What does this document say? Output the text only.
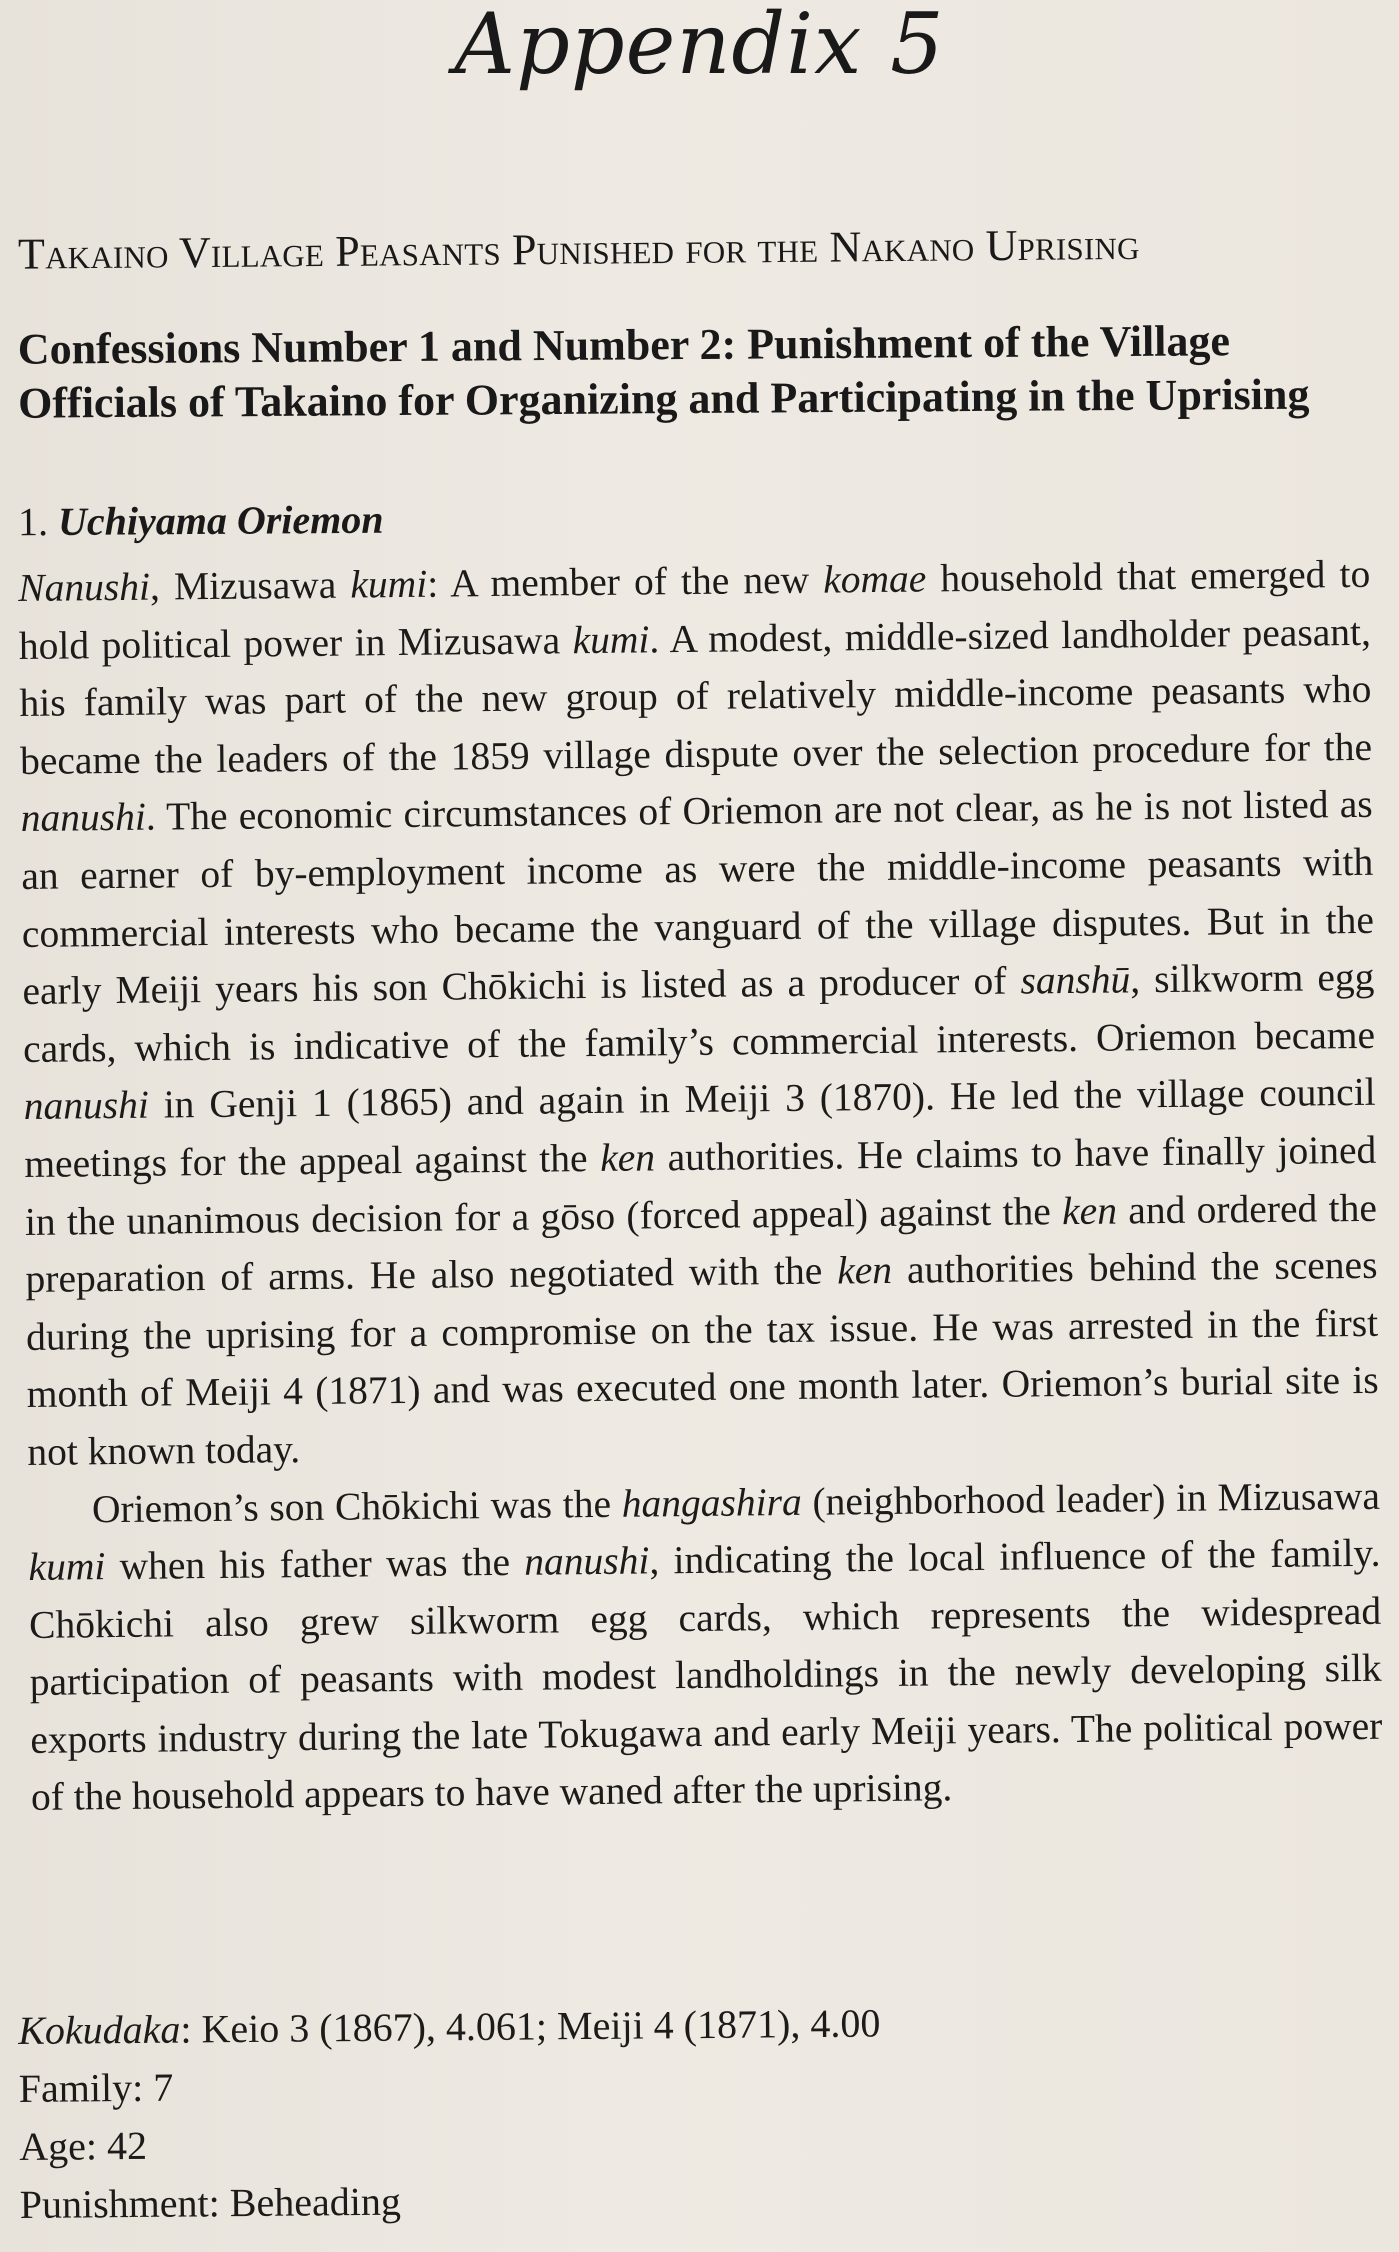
Appendix 5
Takaino Village Peasants Punished for the Nakano Uprising
Confessions Number 1 and Number 2: Punishment of the Village
Officials of Takaino for Organizing and Participating in the Uprising
1. Uchiyama Oriemon

Nanushi, Mizusawa kumi: A member of the new komae household that emerged to hold political power in Mizusawa kumi. A modest, middle-sized landholder peasant, his family was part of the new group of relatively middle-income peasants who became the leaders of the 1859 village dispute over the selection procedure for the nanushi. The economic circumstances of Oriemon are not clear, as he is not listed as an earner of by-employment income as were the middle-income peasants with commercial interests who became the vanguard of the village disputes. But in the early Meiji years his son Chōkichi is listed as a producer of sanshū, silkworm egg cards, which is indicative of the family’s commercial interests. Oriemon became nanushi in Genji 1 (1865) and again in Meiji 3 (1870). He led the village council meetings for the appeal against the ken authorities. He claims to have finally joined in the unanimous decision for a gōso (forced appeal) against the ken and ordered the preparation of arms. He also negotiated with the ken authorities behind the scenes during the uprising for a compromise on the tax issue. He was arrested in the first month of Meiji 4 (1871) and was executed one month later. Oriemon’s burial site is not known today.

Oriemon’s son Chōkichi was the hangashira (neighborhood leader) in Mizusawa kumi when his father was the nanushi, indicating the local influence of the family. Chōkichi also grew silkworm egg cards, which represents the widespread participation of peasants with modest landholdings in the newly developing silk exports industry during the late Tokugawa and early Meiji years. The political power of the household appears to have waned after the uprising.

Kokudaka: Keio 3 (1867), 4.061; Meiji 4 (1871), 4.00
Family: 7
Age: 42
Punishment: Beheading
